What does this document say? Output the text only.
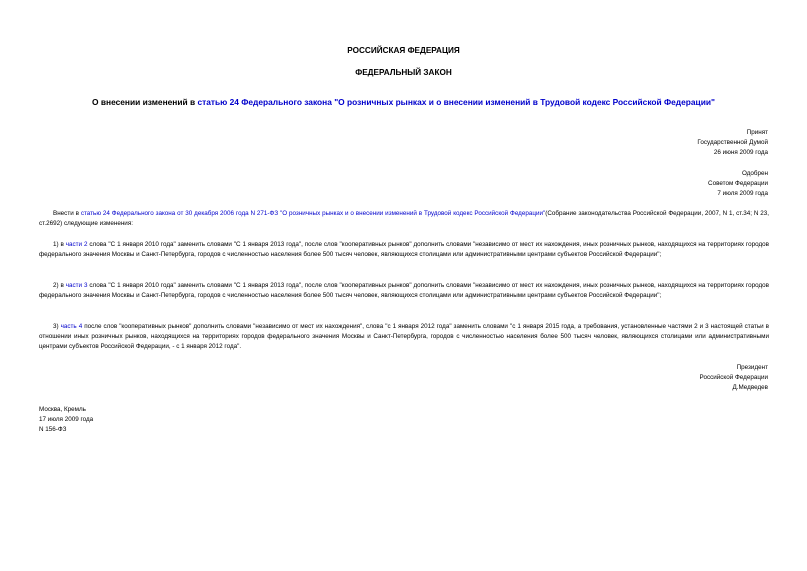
РОССИЙСКАЯ ФЕДЕРАЦИЯ
ФЕДЕРАЛЬНЫЙ ЗАКОН
О внесении изменений в статью 24 Федерального закона "О розничных рынках и о внесении изменений в Трудовой кодекс Российской Федерации"
Принят
Государственной Думой
26 июня 2009 года
Одобрен
Советом Федерации
7 июля 2009 года
Внести в статью 24 Федерального закона от 30 декабря 2006 года N 271-ФЗ "О розничных рынках и о внесении изменений в Трудовой кодекс Российской Федерации"(Собрание законодательства Российской Федерации, 2007, N 1, ст.34; N 23, ст.2692) следующие изменения:
1) в части 2 слова "С 1 января 2010 года" заменить словами "С 1 января 2013 года", после слов "кооперативных рынков" дополнить словами "независимо от мест их нахождения, иных розничных рынков, находящихся на территориях городов федерального значения Москвы и Санкт-Петербурга, городов с численностью населения более 500 тысяч человек, являющихся столицами или административными центрами субъектов Российской Федерации";
2) в части 3 слова "С 1 января 2010 года" заменить словами "С 1 января 2013 года", после слов "кооперативных рынков" дополнить словами "независимо от мест их нахождения, иных розничных рынков, находящихся на территориях городов федерального значения Москвы и Санкт-Петербурга, городов с численностью населения более 500 тысяч человек, являющихся столицами или административными центрами субъектов Российской Федерации";
3) часть 4 после слов "кооперативных рынков" дополнить словами "независимо от мест их нахождения", слова "с 1 января 2012 года" заменить словами "с 1 января 2015 года, а требования, установленные частями 2 и 3 настоящей статьи в отношении иных розничных рынков, находящихся на территориях городов федерального значения Москвы и Санкт-Петербурга, городов с численностью населения более 500 тысяч человек, являющихся столицами или административными центрами субъектов Российской Федерации, - с 1 января 2012 года".
Президент
Российской Федерации
Д.Медведев
Москва, Кремль
17 июля 2009 года
N 156-ФЗ
